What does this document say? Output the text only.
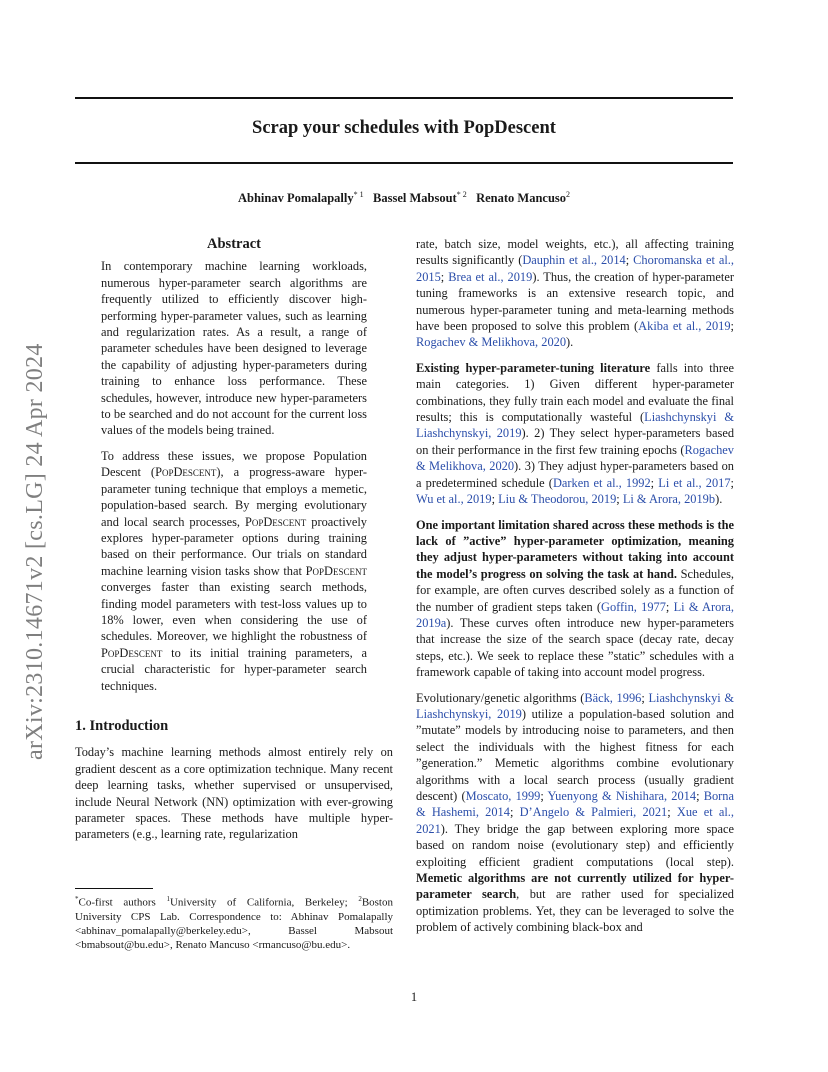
Scrap your schedules with PopDescent
Abhinav Pomalapally$^{* 1}$ Bassel Mabsout$^{* 2}$ Renato Mancuso$^2$
arXiv:2310.14671v2 [cs.LG] 24 Apr 2024
Abstract

In contemporary machine learning workloads, numerous hyper-parameter search algorithms are frequently utilized to efficiently discover high-performing hyper-parameter values, such as learning and regularization rates. As a result, a range of parameter schedules have been designed to leverage the capability of adjusting hyper-parameters during training to enhance loss performance. These schedules, however, introduce new hyper-parameters to be searched and do not account for the current loss values of the models being trained.

To address these issues, we propose Population Descent (PopDescent), a progress-aware hyper-parameter tuning technique that employs a memetic, population-based search. By merging evolutionary and local search processes, PopDescent proactively explores hyper-parameter options during training based on their performance. Our trials on standard machine learning vision tasks show that PopDescent converges faster than existing search methods, finding model parameters with test-loss values up to 18% lower, even when considering the use of schedules. Moreover, we highlight the robustness of PopDescent to its initial training parameters, a crucial characteristic for hyper-parameter search techniques.

1. Introduction

Today’s machine learning methods almost entirely rely on gradient descent as a core optimization technique. Many recent deep learning tasks, whether supervised or unsupervised, include Neural Network (NN) optimization with ever-growing parameter spaces. These methods have multiple hyper-parameters (e.g., learning rate, regularization

*Co-first authors $^1$University of California, Berkeley; $^2$Boston University CPS Lab. Correspondence to: Abhinav Pomalapally <abhinav_pomalapally@berkeley.edu>, Bassel Mabsout <bmabsout@bu.edu>, Renato Mancuso <rmancuso@bu.edu>.

rate, batch size, model weights, etc.), all affecting training results significantly (Dauphin et al., 2014; Choromanska et al., 2015; Brea et al., 2019). Thus, the creation of hyper-parameter tuning frameworks is an extensive research topic, and numerous hyper-parameter tuning and meta-learning methods have been proposed to solve this problem (Akiba et al., 2019; Rogachev & Melikhova, 2020).

Existing hyper-parameter-tuning literature falls into three main categories. 1) Given different hyper-parameter combinations, they fully train each model and evaluate the final results; this is computationally wasteful (Liashchynskyi & Liashchynskyi, 2019). 2) They select hyper-parameters based on their performance in the first few training epochs (Rogachev & Melikhova, 2020). 3) They adjust hyper-parameters based on a predetermined schedule (Darken et al., 1992; Li et al., 2017; Wu et al., 2019; Liu & Theodorou, 2019; Li & Arora, 2019b).

One important limitation shared across these methods is the lack of ”active” hyper-parameter optimization, meaning they adjust hyper-parameters without taking into account the model’s progress on solving the task at hand. Schedules, for example, are often curves described solely as a function of the number of gradient steps taken (Goffin, 1977; Li & Arora, 2019a). These curves often introduce new hyper-parameters that increase the size of the search space (decay rate, decay steps, etc.). We seek to replace these ”static” schedules with a framework capable of taking into account model progress.

Evolutionary/genetic algorithms (Bäck, 1996; Liashchynskyi & Liashchynskyi, 2019) utilize a population-based solution and ”mutate” models by introducing noise to parameters, and then select the individuals with the highest fitness for each ”generation.” Memetic algorithms combine evolutionary algorithms with a local search process (usually gradient descent) (Moscato, 1999; Yuenyong & Nishihara, 2014; Borna & Hashemi, 2014; D’Angelo & Palmieri, 2021; Xue et al., 2021). They bridge the gap between exploring more space based on random noise (evolutionary step) and efficiently exploiting efficient gradient computations (local step). Memetic algorithms are not currently utilized for hyper-parameter search, but are rather used for specialized optimization problems. Yet, they can be leveraged to solve the problem of actively combining black-box and

1
